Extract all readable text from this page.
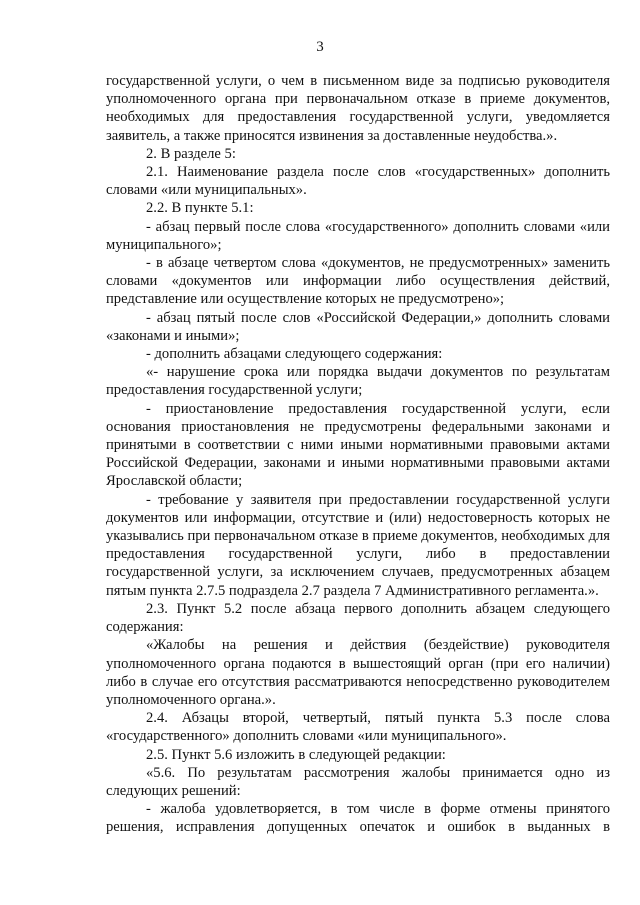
3

государственной услуги, о чем в письменном виде за подписью руководителя уполномоченного органа при первоначальном отказе в приеме документов, необходимых для предоставления государственной услуги, уведомляется заявитель, а также приносятся извинения за доставленные неудобства.».

2. В разделе 5:

2.1. Наименование раздела после слов «государственных» дополнить словами «или муниципальных».

2.2. В пункте 5.1:

- абзац первый после слова «государственного» дополнить словами «или муниципального»;

- в абзаце четвертом слова «документов, не предусмотренных» заменить словами «документов или информации либо осуществления действий, представление или осуществление которых не предусмотрено»;

- абзац пятый после слов «Российской Федерации,» дополнить словами «законами и иными»;

- дополнить абзацами следующего содержания:

«- нарушение срока или порядка выдачи документов по результатам предоставления государственной услуги;

- приостановление предоставления государственной услуги, если основания приостановления не предусмотрены федеральными законами и принятыми в соответствии с ними иными нормативными правовыми актами Российской Федерации, законами и иными нормативными правовыми актами Ярославской области;

- требование у заявителя при предоставлении государственной услуги документов или информации, отсутствие и (или) недостоверность которых не указывались при первоначальном отказе в приеме документов, необходимых для предоставления государственной услуги, либо в предоставлении государственной услуги, за исключением случаев, предусмотренных абзацем пятым пункта 2.7.5 подраздела 2.7 раздела 7 Административного регламента.».

2.3. Пункт 5.2 после абзаца первого дополнить абзацем следующего содержания:

«Жалобы на решения и действия (бездействие) руководителя уполномоченного органа подаются в вышестоящий орган (при его наличии) либо в случае его отсутствия рассматриваются непосредственно руководителем уполномоченного органа.».

2.4. Абзацы второй, четвертый, пятый пункта 5.3 после слова «государственного» дополнить словами «или муниципального».

2.5. Пункт 5.6 изложить в следующей редакции:

«5.6. По результатам рассмотрения жалобы принимается одно из следующих решений:

- жалоба удовлетворяется, в том числе в форме отмены принятого решения, исправления допущенных опечаток и ошибок в выданных в
